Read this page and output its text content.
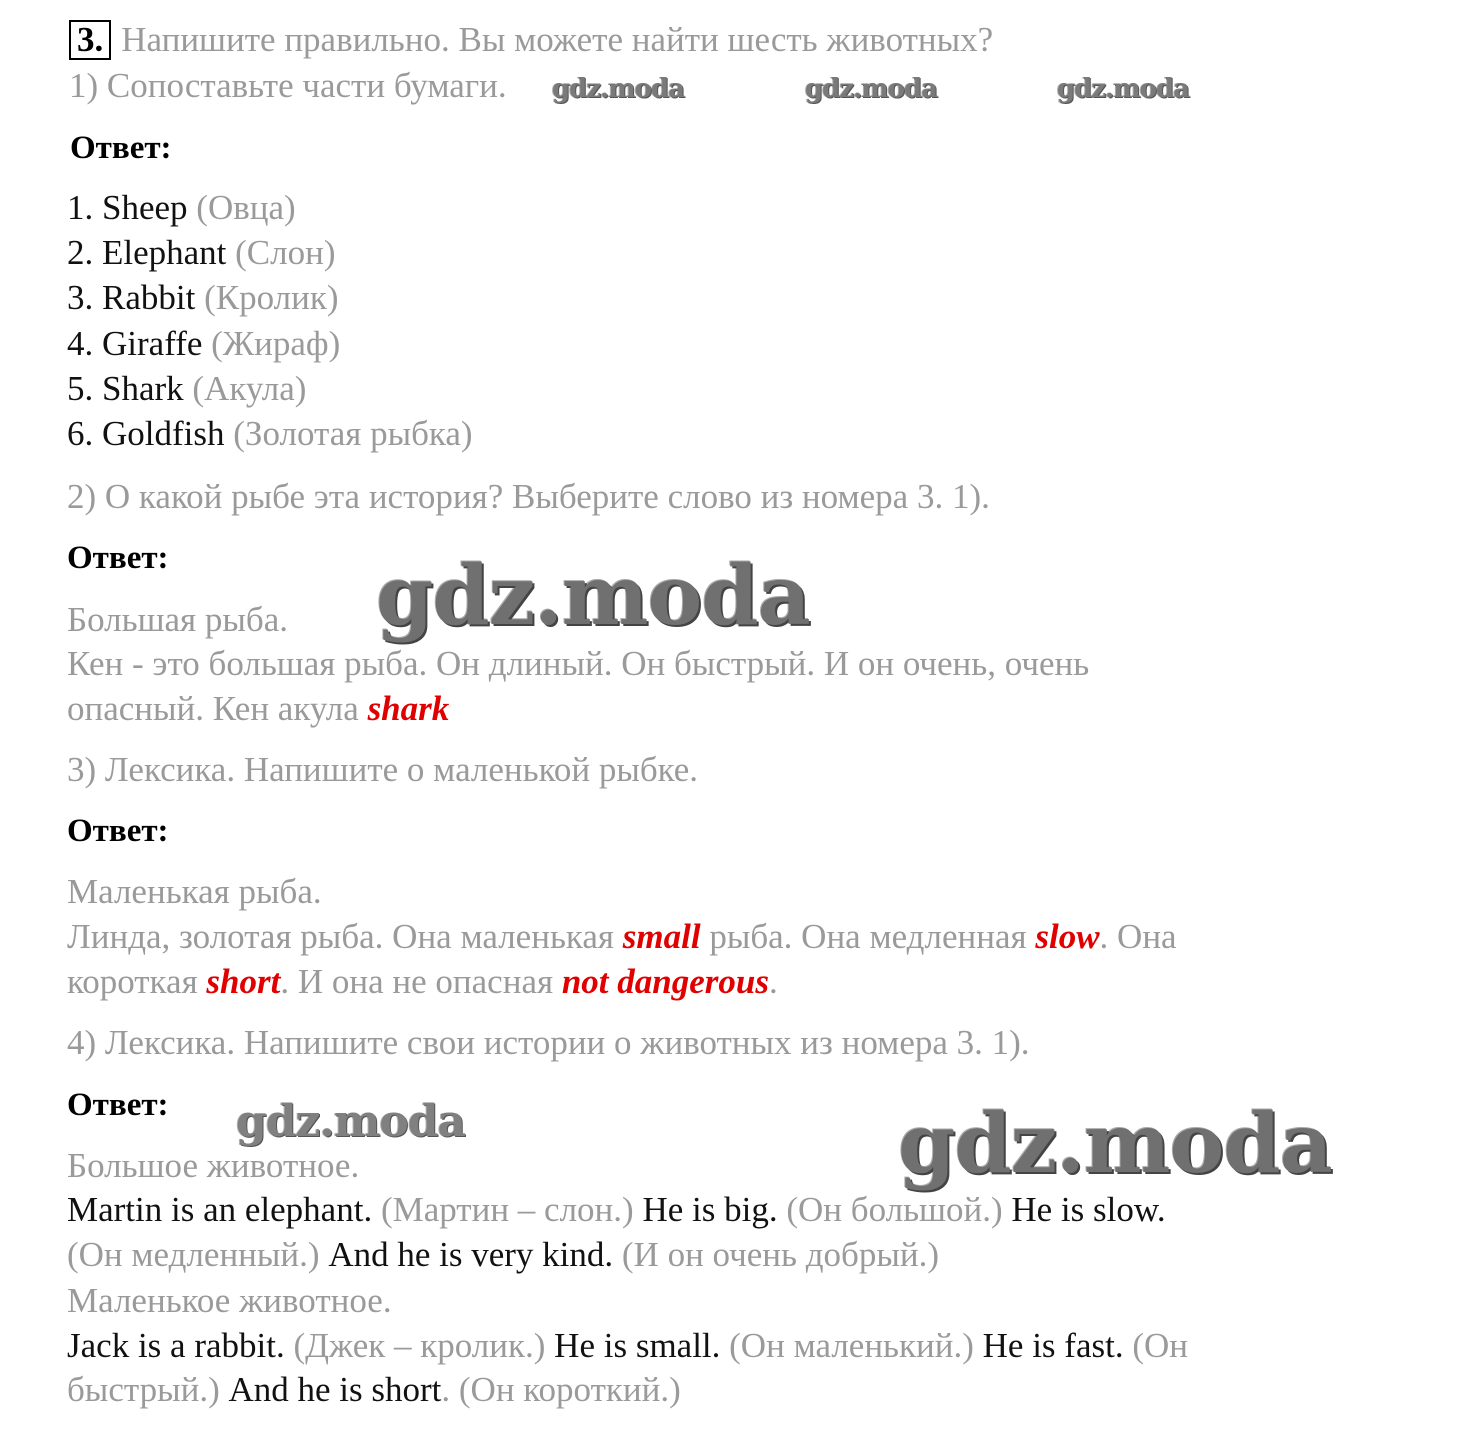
3. Напишите правильно. Вы можете найти шесть животных?
1) Сопоставьте части бумаги.
Ответ:
1. Sheep (Овца)
2. Elephant (Слон)
3. Rabbit (Кролик)
4. Giraffe (Жираф)
5. Shark (Акула)
6. Goldfish (Золотая рыбка)
2) О какой рыбе эта история? Выберите слово из номера 3. 1).
Ответ:
Большая рыба.
Кен - это большая рыба. Он длиный. Он быстрый. И он очень, очень
опасный. Кен акула shark
3) Лексика. Напишите о маленькой рыбке.
Ответ:
Маленькая рыба.
Линда, золотая рыба. Она маленькая small рыба. Она медленная slow. Она
короткая short. И она не опасная not dangerous.
4) Лексика. Напишите свои истории о животных из номера 3. 1).
Ответ:
Большое животное.
Martin is an elephant. (Мартин – слон.) He is big. (Он большой.) He is slow.
(Он медленный.) And he is very kind. (И он очень добрый.)
Маленькое животное.
Jack is a rabbit. (Джек – кролик.) He is small. (Он маленький.) He is fast. (Он
быстрый.) And he is short. (Он короткий.)
gdz.moda	gdz.moda	gdz.moda
gdz.moda
gdz.moda	gdz.moda
